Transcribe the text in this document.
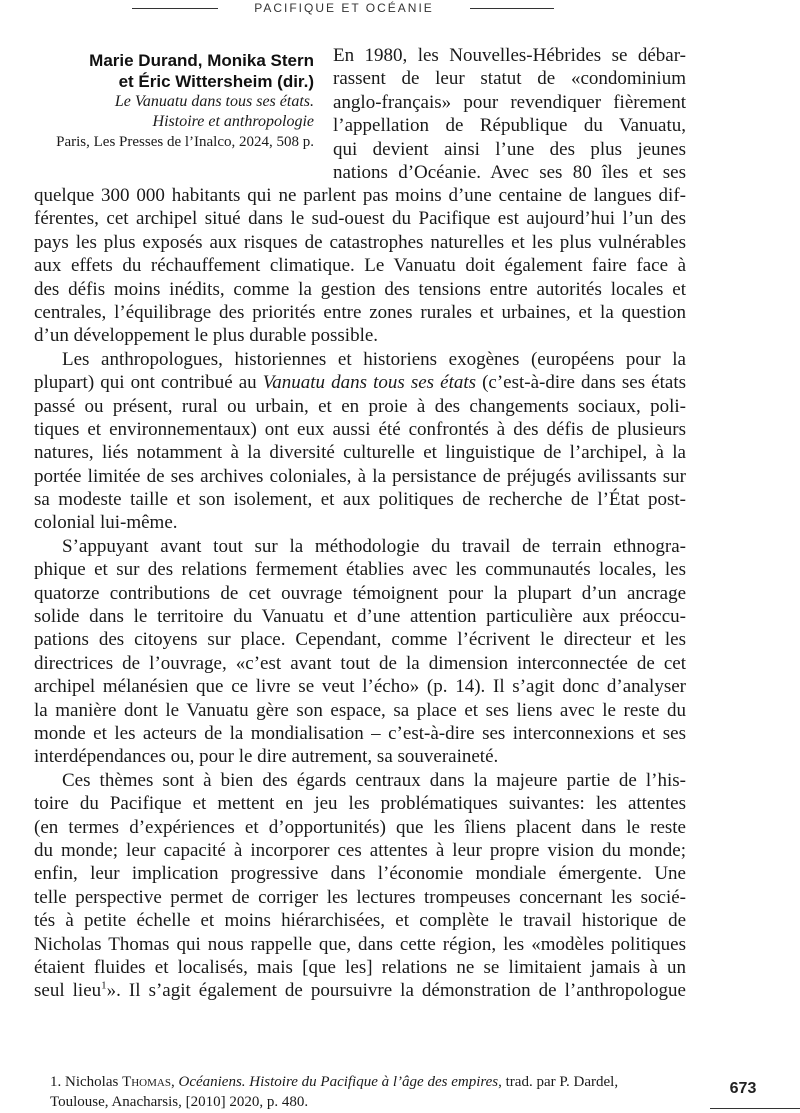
PACIFIQUE ET OCÉANIE
Marie Durand, Monika Stern
et Éric Wittersheim (dir.)
Le Vanuatu dans tous ses états.
Histoire et anthropologie
Paris, Les Presses de l’Inalco, 2024, 508 p.
En 1980, les Nouvelles-Hébrides se débar-
rassent de leur statut de «condominium
anglo-français» pour revendiquer fièrement
l’appellation de République du Vanuatu,
qui devient ainsi l’une des plus jeunes
nations d’Océanie. Avec ses 80 îles et ses
quelque 300 000 habitants qui ne parlent pas moins d’une centaine de langues dif-
férentes, cet archipel situé dans le sud-ouest du Pacifique est aujourd’hui l’un des
pays les plus exposés aux risques de catastrophes naturelles et les plus vulnérables
aux effets du réchauffement climatique. Le Vanuatu doit également faire face à
des défis moins inédits, comme la gestion des tensions entre autorités locales et
centrales, l’équilibrage des priorités entre zones rurales et urbaines, et la question
d’un développement le plus durable possible.
Les anthropologues, historiennes et historiens exogènes (européens pour la
plupart) qui ont contribué au Vanuatu dans tous ses états (c’est-à-dire dans ses états
passé ou présent, rural ou urbain, et en proie à des changements sociaux, poli-
tiques et environnementaux) ont eux aussi été confrontés à des défis de plusieurs
natures, liés notamment à la diversité culturelle et linguistique de l’archipel, à la
portée limitée de ses archives coloniales, à la persistance de préjugés avilissants sur
sa modeste taille et son isolement, et aux politiques de recherche de l’État post-
colonial lui-même.
S’appuyant avant tout sur la méthodologie du travail de terrain ethnogra-
phique et sur des relations fermement établies avec les communautés locales, les
quatorze contributions de cet ouvrage témoignent pour la plupart d’un ancrage
solide dans le territoire du Vanuatu et d’une attention particulière aux préoccu-
pations des citoyens sur place. Cependant, comme l’écrivent le directeur et les
directrices de l’ouvrage, «c’est avant tout de la dimension interconnectée de cet
archipel mélanésien que ce livre se veut l’écho» (p. 14). Il s’agit donc d’analyser
la manière dont le Vanuatu gère son espace, sa place et ses liens avec le reste du
monde et les acteurs de la mondialisation – c’est-à-dire ses interconnexions et ses
interdépendances ou, pour le dire autrement, sa souveraineté.
Ces thèmes sont à bien des égards centraux dans la majeure partie de l’his-
toire du Pacifique et mettent en jeu les problématiques suivantes: les attentes
(en termes d’expériences et d’opportunités) que les îliens placent dans le reste
du monde; leur capacité à incorporer ces attentes à leur propre vision du monde;
enfin, leur implication progressive dans l’économie mondiale émergente. Une
telle perspective permet de corriger les lectures trompeuses concernant les socié-
tés à petite échelle et moins hiérarchisées, et complète le travail historique de
Nicholas Thomas qui nous rappelle que, dans cette région, les «modèles politiques
étaient fluides et localisés, mais [que les] relations ne se limitaient jamais à un
seul lieu$^1$». Il s’agit également de poursuivre la démonstration de l’anthropologue
1. Nicholas Thomas, Océaniens. Histoire du Pacifique à l’âge des empires, trad. par P. Dardel,
Toulouse, Anacharsis, [2010] 2020, p. 480.
673
